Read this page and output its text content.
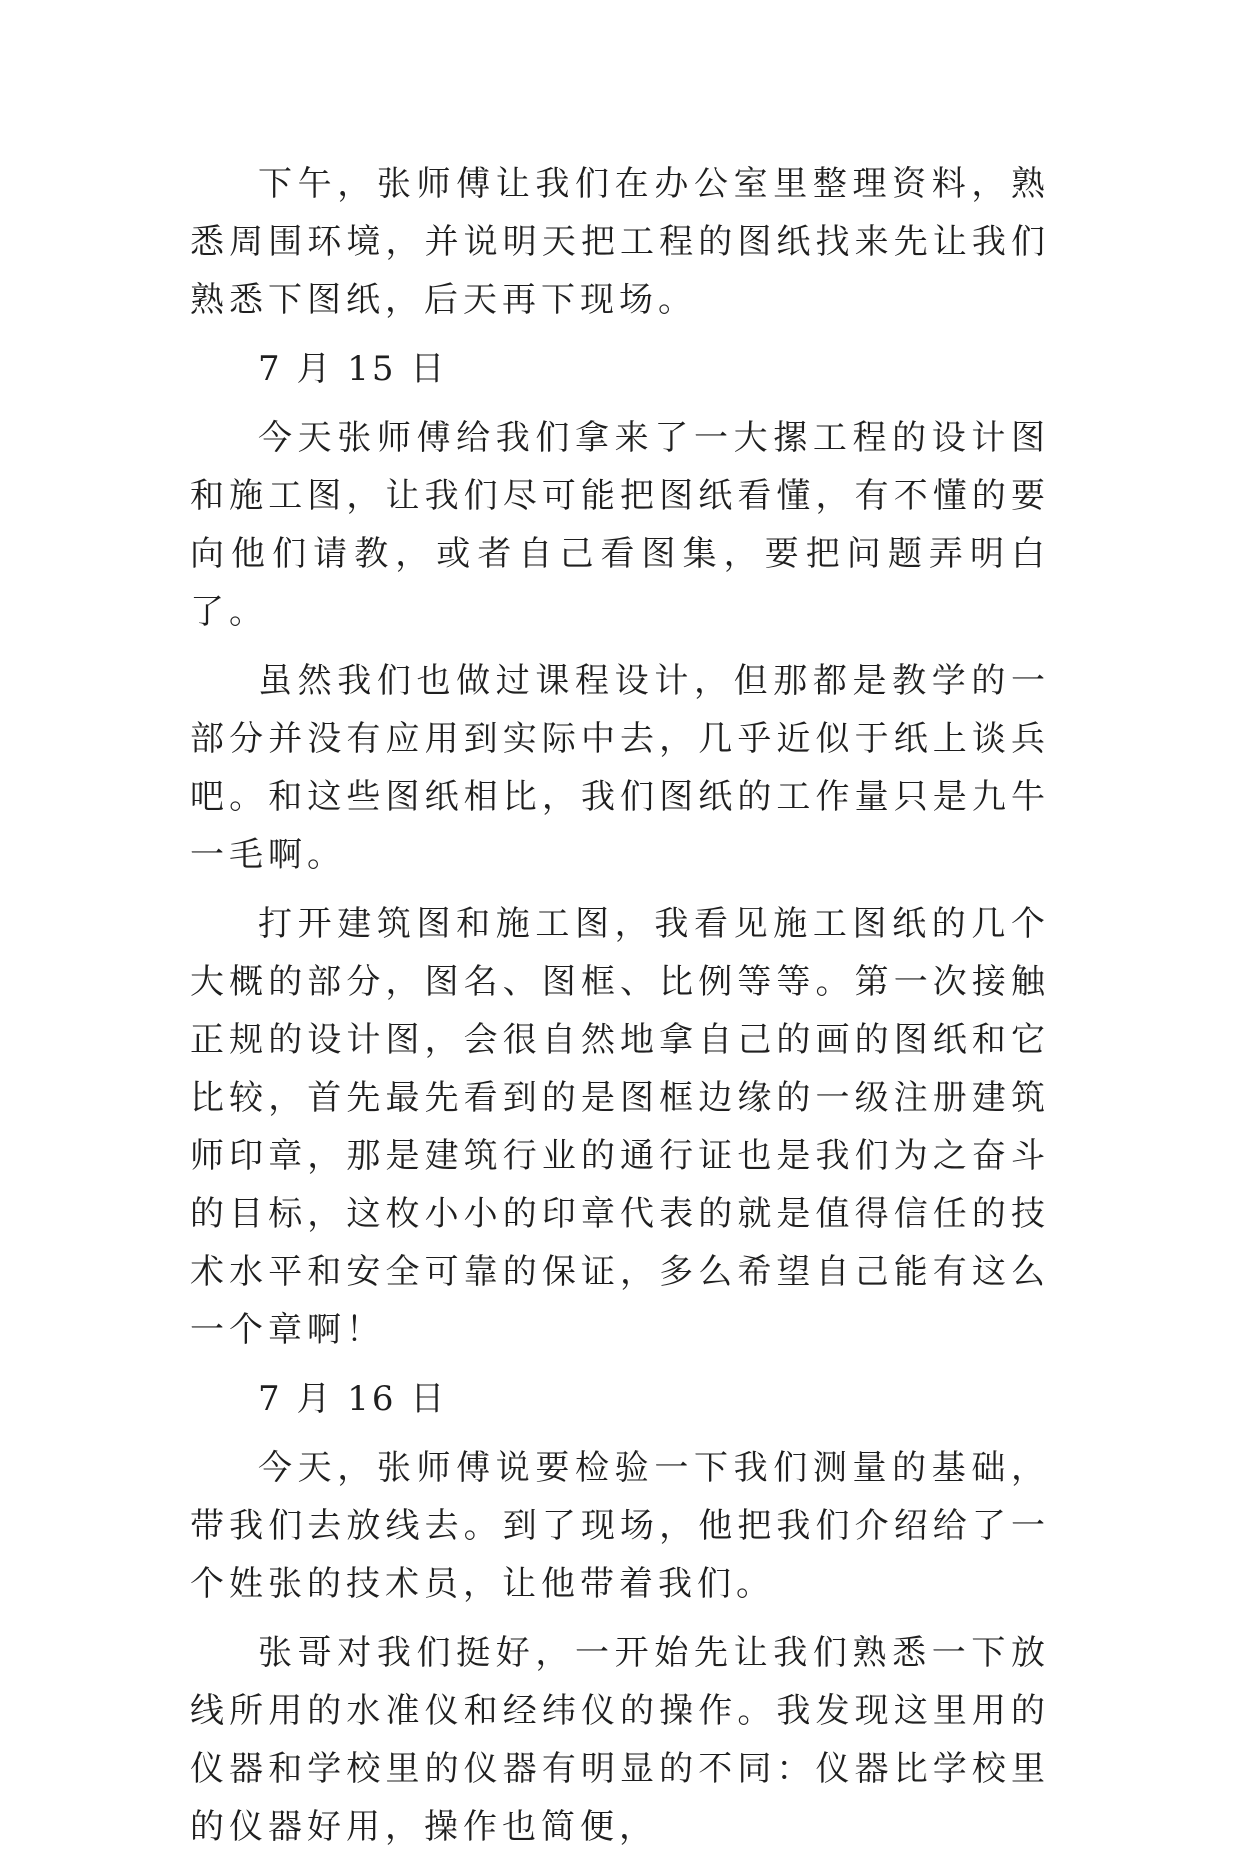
下午，张师傅让我们在办公室里整理资料，熟悉周围环境，并说明天把工程的图纸找来先让我们熟悉下图纸，后天再下现场。

7 月 15 日

今天张师傅给我们拿来了一大摞工程的设计图和施工图，让我们尽可能把图纸看懂，有不懂的要向他们请教，或者自己看图集，要把问题弄明白了。

虽然我们也做过课程设计，但那都是教学的一部分并没有应用到实际中去，几乎近似于纸上谈兵吧。和这些图纸相比，我们图纸的工作量只是九牛一毛啊。

打开建筑图和施工图，我看见施工图纸的几个大概的部分，图名、图框、比例等等。第一次接触正规的设计图，会很自然地拿自己的画的图纸和它比较，首先最先看到的是图框边缘的一级注册建筑师印章，那是建筑行业的通行证也是我们为之奋斗的目标，这枚小小的印章代表的就是值得信任的技术水平和安全可靠的保证，多么希望自己能有这么一个章啊！

7 月 16 日

今天，张师傅说要检验一下我们测量的基础，带我们去放线去。到了现场，他把我们介绍给了一个姓张的技术员，让他带着我们。

张哥对我们挺好，一开始先让我们熟悉一下放线所用的水准仪和经纬仪的操作。我发现这里用的仪器和学校里的仪器有明显的不同：仪器比学校里的仪器好用，操作也简便，
